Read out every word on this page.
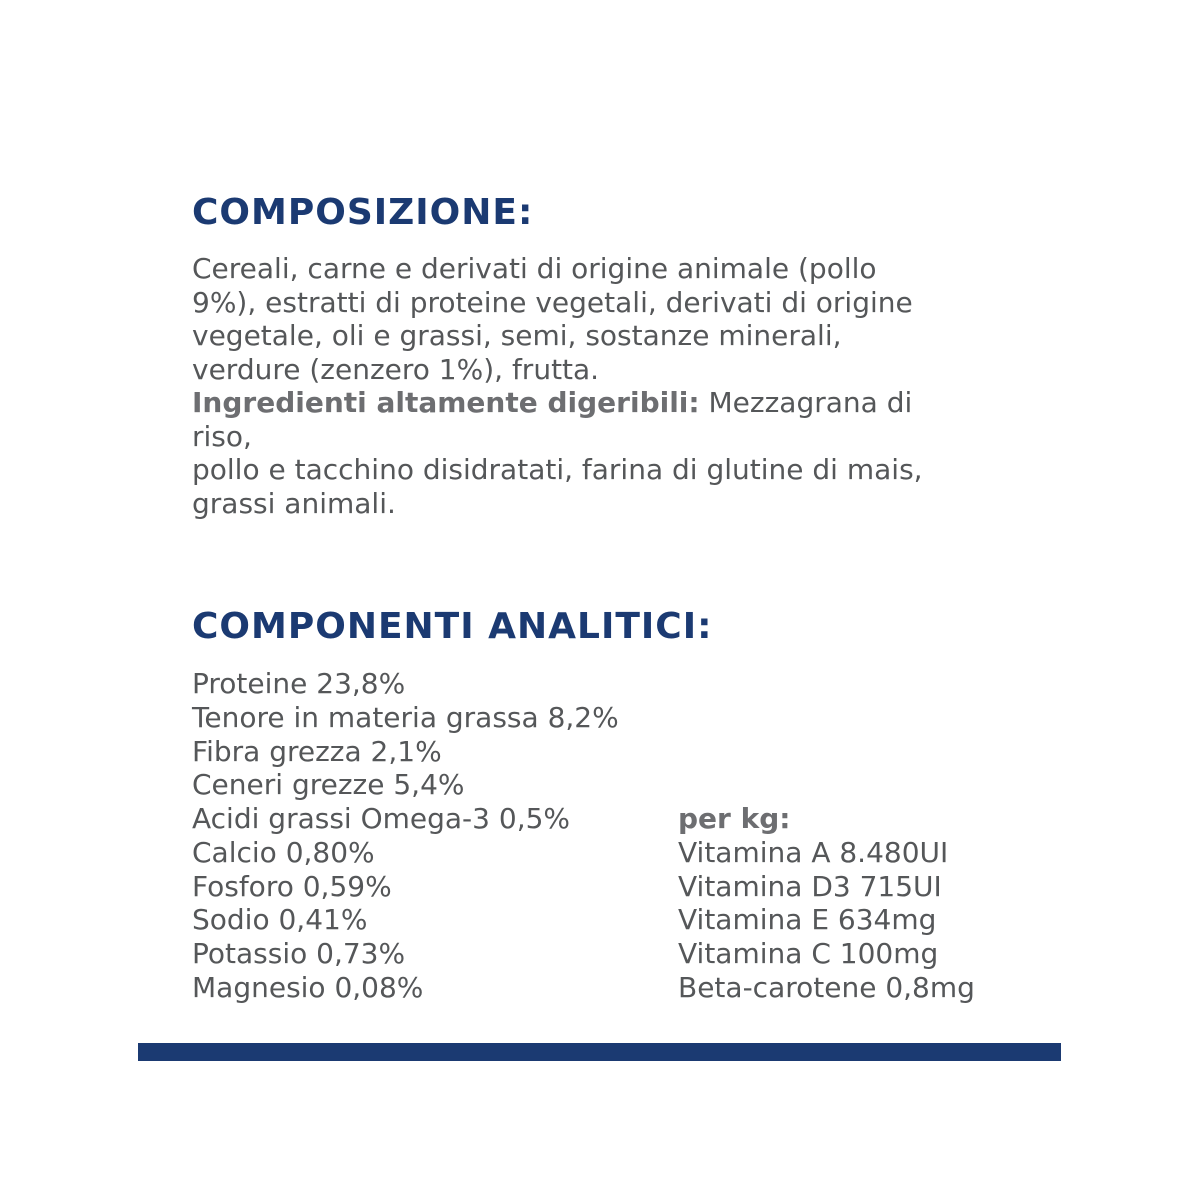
COMPOSIZIONE:
Cereali, carne e derivati di origine animale (pollo
9%), estratti di proteine vegetali, derivati di origine
vegetale, oli e grassi, semi, sostanze minerali,
verdure (zenzero 1%), frutta.
Ingredienti altamente digeribili: Mezzagrana di
riso,
pollo e tacchino disidratati, farina di glutine di mais,
grassi animali.
COMPONENTI ANALITICI:
Proteine 23,8%
Tenore in materia grassa 8,2%
Fibra grezza 2,1%
Ceneri grezze 5,4%
Acidi grassi Omega-3 0,5%
Calcio 0,80%
Fosforo 0,59%
Sodio 0,41%
Potassio 0,73%
Magnesio 0,08%
per kg:
Vitamina A 8.480UI
Vitamina D3 715UI
Vitamina E 634mg
Vitamina C 100mg
Beta-carotene 0,8mg
